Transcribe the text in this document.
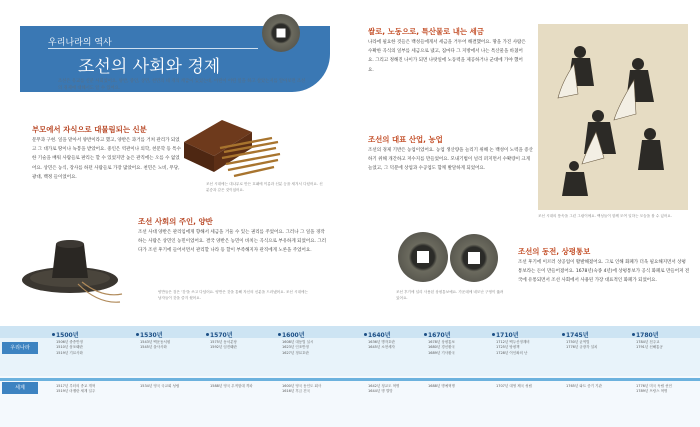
우리나라의 역사
조선의 사회와 경제
조선은 유교를 신분 사회였어요. 양반, 중인, 상민, 천민의 네 개의 계급이 있었는데, 어떤이 어떤 일을 하고 살았는지를 알아보면 조선의 경제에 대해서도 알 수 있어요.
부모에서 자식으로 대물림되는 신분
문무과 구현. 일을 맡아서 양반이라고 했고, 양반은 과거를 거쳐 관리가 되었고 그 대가로 땅이나 녹봉을 받았어요. 중인은 역관이나 의학, 천문학 등 특수한 기술을 배워 사람들로 판리는 할 수 있었지만 높은 관직에는 오를 수 없었어요. 상민은 농식, 장사를 하던 사람들로 가장 많았어요. 천민은 노비, 무당, 광대, 백정 들이었어요.
조선 시대에는 대나무로 만든 호패에 이름과 신분 등을 새겨서 다녔어요. 신분증과 같은 것이었어요.
조선 사회의 주인, 양반
조선 사대 양반은 관리임에게 향해서 세금을 거둘 수 있는 권리를 주었어요. 그러나 그 일을 경작하는 사람은 상민인 농민이었어요. 결국 양반은 농민이 바치는 곡식으로 부유하게 되었어요. 그러다가 조선 후기에 들어서면서 관리할 나라 등 할이 부족해지자 관직에게 노론을 주었어요.
양반들은 검은 '갓'을 쓰고 다녔어요. 양반은 갓을 통해 자신의 신분을 드러냈어요. 조선 시대에는 남자들이 갓을 즐겨 썼어요.
쌀로, 노동으로, 특산물로 내는 세금
나라에 필요한 것들은 백성들에게서 세금을 거두어 해결했어요. 땅을 가진 사람은 수확한 곡식의 일부를 세금으로 냈고, 집마다 그 지방에서 나는 특산물을 바쳤어요. 그리고 정해진 나이가 되면 나랏일에 노동력을 제공하거나 군대에 가야 했어요.
조선 시대의 풍속을 그린 그림이에요. 백성들이 함께 모여 일하는 모습을 볼 수 있어요.
조선의 대표 산업, 농업
조선의 경제 기반은 농업이었어요. 농업 생산량을 늘리기 위해 논 백성이 노력을 증산하기 위해 개간하고 저수지를 만들었어요. 모내기법이 널리 퍼지면서 수확량이 크게 늘었고, 그 덕분에 상업과 수공업도 함께 발달하게 되었어요.
조선 후기에 널리 사용된 상평통보예요. 가운데에 네모난 구멍이 뚫려 있어요.
조선의 동전, 상평통보
조선 후기에 이르러 상공업이 활발해졌어요. 그로 인해 화폐가 더욱 필요해지면서 상평통보라는 돈이 만들어졌어요. 1678년(숙종 4년)에 상평통보가 공식 화폐로 만들어져 전국에 유통되면서 조선 사회에서 사용된 가장 대표적인 화폐가 되었어요.
우리나라
세계
1500년
1506년 중종반정
1510년 삼포왜란
1519년 기묘사화
1517년 루터의 종교 개혁
1519년 마젤란 세계 일주
1530년
1543년 백운동서원
1545년 을사사화
1534년 영국 국교회 성립
1570년
1575년 동서분당
1592년 임진왜란
1588년 영국 무적함대 격파
1600년
1608년 대동법 실시
1623년 인조반정
1627년 정묘호란
1600년 영국 동인도 회사
1616년 후금 건국
1640년
1636년 병자호란
1645년 소현세자
1642년 청교도 혁명
1644년 명 멸망
1670년
1678년 상평통보
1680년 경신환국
1689년 기사환국
1688년 명예혁명
1710년
1712년 백두산정계비
1725년 탕평책
1728년 이인좌의 난
1707년 대영 제국 성립
1745년
1750년 균역법
1776년 규장각 설치
1765년 와트 증기 기관
1780년
1784년 천주교
1791년 신해통공
1776년 미국 독립 선언
1789년 프랑스 혁명
